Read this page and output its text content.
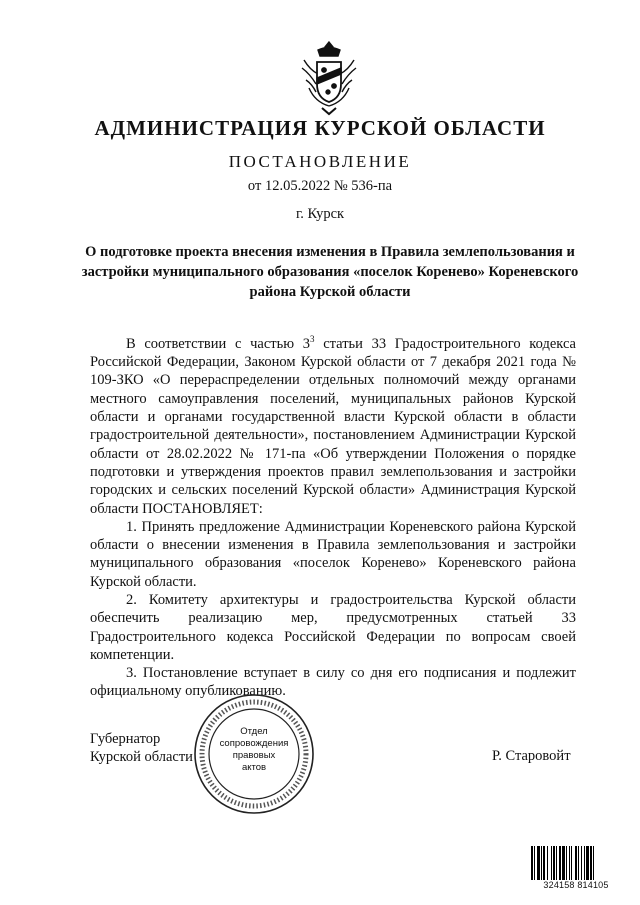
АДМИНИСТРАЦИЯ КУРСКОЙ ОБЛАСТИ
ПОСТАНОВЛЕНИЕ
от 12.05.2022 № 536-па
г. Курск
О подготовке проекта внесения изменения в Правила землепользования и застройки муниципального образования «поселок Коренево» Кореневского района Курской области

В соответствии с частью $3^3$ статьи 33 Градостроительного кодекса Российской Федерации, Законом Курской области от 7 декабря 2021 года № 109-ЗКО «О перераспределении отдельных полномочий между органами местного самоуправления поселений, муниципальных районов Курской области и органами государственной власти Курской области в области градостроительной деятельности», постановлением Администрации Курской области от 28.02.2022 № 171-па «Об утверждении Положения о порядке подготовки и утверждения проектов правил землепользования и застройки городских и сельских поселений Курской области» Администрация Курской области ПОСТАНОВЛЯЕТ:

1. Принять предложение Администрации Кореневского района Курской области о внесении изменения в Правила землепользования и застройки муниципального образования «поселок Коренево» Кореневского района Курской области.

2. Комитету архитектуры и градостроительства Курской области обеспечить реализацию мер, предусмотренных статьей 33 Градостроительного кодекса Российской Федерации по вопросам своей компетенции.

3. Постановление вступает в силу со дня его подписания и подлежит официальному опубликованию.

Губернатор
Курской области	Р. Старовойт
Отдел
сопровождения
правовых
актов
324158 814105
